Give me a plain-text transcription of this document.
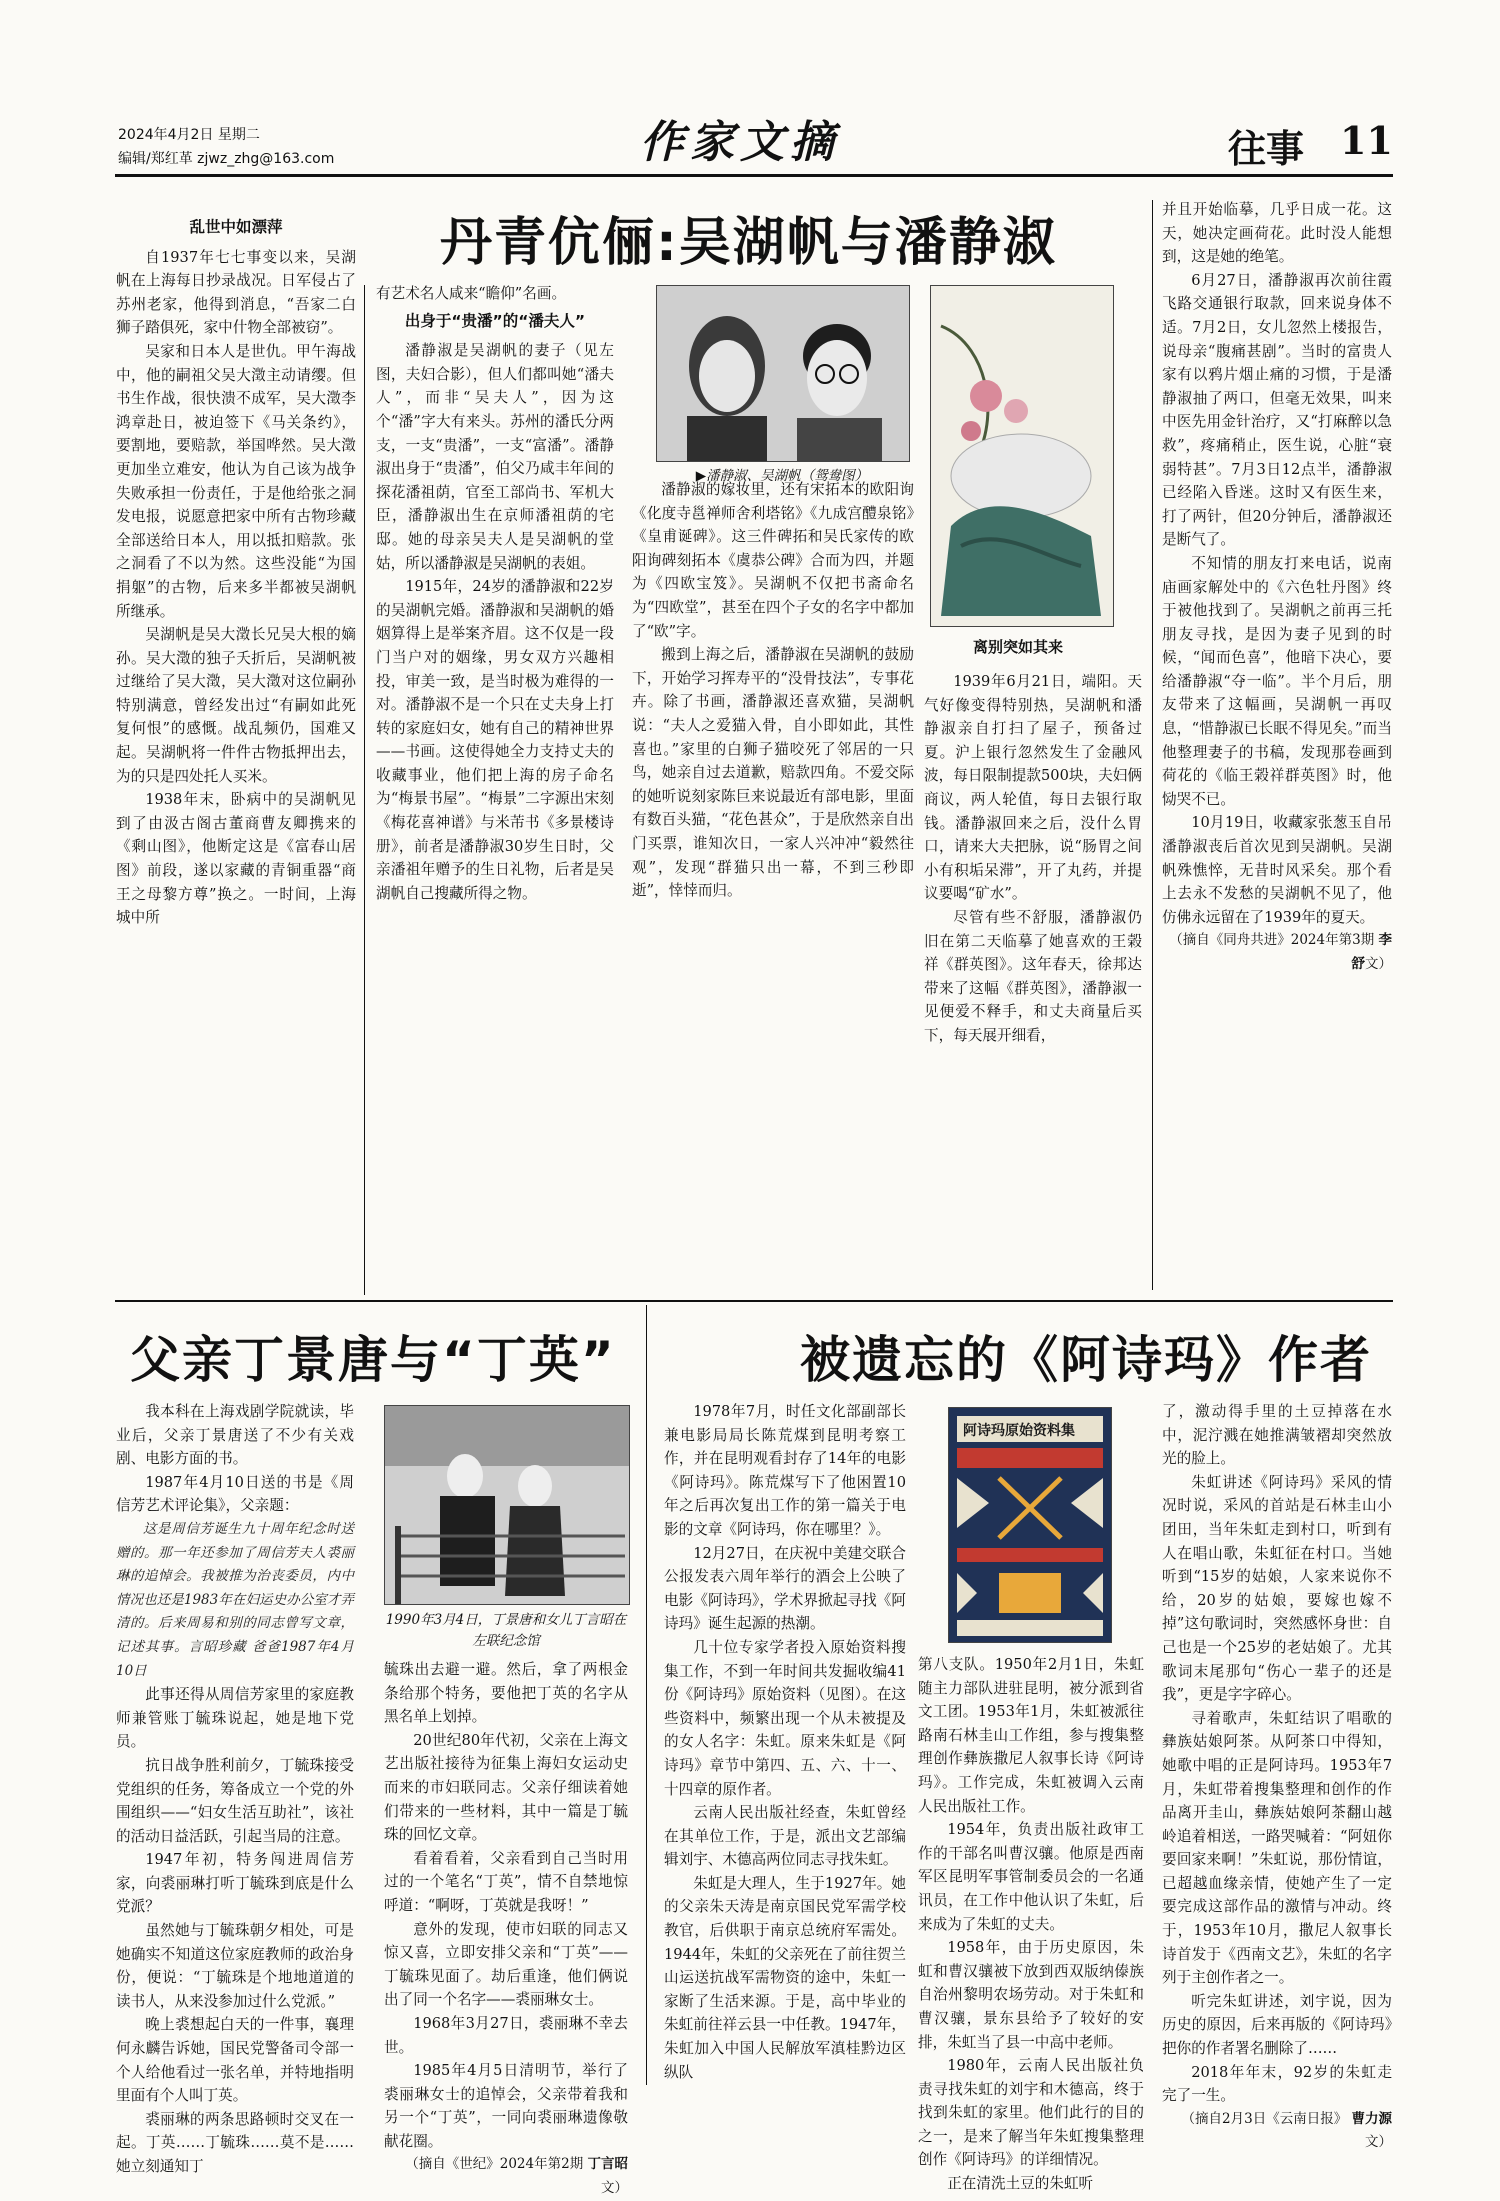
2024年4月2日 星期二
编辑/郑红革 zjwz_zhg@163.com	作家文摘	往事 11
丹青伉俪:吴湖帆与潘静淑
乱世中如漂萍

自1937年七七事变以来，吴湖帆在上海每日抄录战况。日军侵占了苏州老家，他得到消息，“吾家二白狮子踏俱死，家中什物全部被窃”。

吴家和日本人是世仇。甲午海战中，他的嗣祖父吴大澂主动请缨。但书生作战，很快溃不成军，吴大澂李鸿章赴日，被迫签下《马关条约》，要割地，要赔款，举国哗然。吴大澂更加坐立难安，他认为自己该为战争失败承担一份责任，于是他给张之洞发电报，说愿意把家中所有古物珍藏全部送给日本人，用以抵扣赔款。张之洞看了不以为然。这些没能“为国捐躯”的古物，后来多半都被吴湖帆所继承。

吴湖帆是吴大澂长兄吴大根的嫡孙。吴大澂的独子夭折后，吴湖帆被过继给了吴大澂，吴大澂对这位嗣孙特别满意，曾经发出过“有嗣如此死复何恨”的感慨。战乱频仍，国难又起。吴湖帆将一件件古物抵押出去，为的只是四处托人买米。

1938年末，卧病中的吴湖帆见到了由汲古阁古董商曹友卿携来的《剩山图》，他断定这是《富春山居图》前段，遂以家藏的青铜重器“商王之母黎方尊”换之。一时间，上海城中所

有艺术名人咸来“瞻仰”名画。

出身于“贵潘”的“潘夫人”

潘静淑是吴湖帆的妻子（见左图，夫妇合影），但人们都叫她“潘夫人”，而非“吴夫人”，因为这个“潘”字大有来头。苏州的潘氏分两支，一支“贵潘”，一支“富潘”。潘静淑出身于“贵潘”，伯父乃咸丰年间的探花潘祖荫，官至工部尚书、军机大臣，潘静淑出生在京师潘祖荫的宅邸。她的母亲吴夫人是吴湖帆的堂姑，所以潘静淑是吴湖帆的表姐。

1915年，24岁的潘静淑和22岁的吴湖帆完婚。潘静淑和吴湖帆的婚姻算得上是举案齐眉。这不仅是一段门当户对的姻缘，男女双方兴趣相投，审美一致，是当时极为难得的一对。潘静淑不是一个只在丈夫身上打转的家庭妇女，她有自己的精神世界——书画。这使得她全力支持丈夫的收藏事业，他们把上海的房子命名为“梅景书屋”。“梅景”二字源出宋刻《梅花喜神谱》与米芾书《多景楼诗册》，前者是潘静淑30岁生日时，父亲潘祖年赠予的生日礼物，后者是吴湖帆自己搜藏所得之物。

▶潘静淑、吴湖帆（鸳鸯图）

潘静淑的嫁妆里，还有宋拓本的欧阳询《化度寺邕禅师舍利塔铭》《九成宫醴泉铭》《皇甫诞碑》。这三件碑拓和吴氏家传的欧阳询碑刻拓本《虞恭公碑》合而为四，并题为《四欧宝笈》。吴湖帆不仅把书斋命名为“四欧堂”，甚至在四个子女的名字中都加了“欧”字。

搬到上海之后，潘静淑在吴湖帆的鼓励下，开始学习挥寿平的“没骨技法”，专事花卉。除了书画，潘静淑还喜欢猫，吴湖帆说：“夫人之爱猫入骨，自小即如此，其性喜也。”家里的白狮子猫咬死了邻居的一只鸟，她亲自过去道歉，赔款四角。不爱交际的她听说刻家陈巨来说最近有部电影，里面有数百头猫，“花色甚众”，于是欣然亲自出门买票，谁知次日，一家人兴冲冲“毅然往观”，发现“群猫只出一幕，不到三秒即逝”，悻悻而归。

离别突如其来

1939年6月21日，端阳。天气好像变得特别热，吴湖帆和潘静淑亲自打扫了屋子，预备过夏。沪上银行忽然发生了金融风波，每日限制提款500块，夫妇俩商议，两人轮值，每日去银行取钱。潘静淑回来之后，没什么胃口，请来大夫把脉，说“肠胃之间小有积垢呆滞”，开了丸药，并提议要喝“矿水”。

尽管有些不舒服，潘静淑仍旧在第二天临摹了她喜欢的王榖祥《群英图》。这年春天，徐邦达带来了这幅《群英图》，潘静淑一见便爱不释手，和丈夫商量后买下，每天展开细看，

并且开始临摹，几乎日成一花。这天，她决定画荷花。此时没人能想到，这是她的绝笔。

6月27日，潘静淑再次前往霞飞路交通银行取款，回来说身体不适。7月2日，女儿忽然上楼报告，说母亲“腹痛甚剧”。当时的富贵人家有以鸦片烟止痛的习惯，于是潘静淑抽了两口，但毫无效果，叫来中医先用金针治疗，又“打麻醉以急救”，疼痛稍止，医生说，心脏“衰弱特甚”。7月3日12点半，潘静淑已经陷入昏迷。这时又有医生来，打了两针，但20分钟后，潘静淑还是断气了。

不知情的朋友打来电话，说南庙画家解处中的《六色牡丹图》终于被他找到了。吴湖帆之前再三托朋友寻找，是因为妻子见到的时候，“闻而色喜”，他暗下决心，要给潘静淑“夺一临”。半个月后，朋友带来了这幅画，吴湖帆一再叹息，“惜静淑已长眠不得见矣。”而当他整理妻子的书稿，发现那卷画到荷花的《临王榖祥群英图》时，他恸哭不已。

10月19日，收藏家张葱玉自吊潘静淑丧后首次见到吴湖帆。吴湖帆殊憔悴，无昔时风采矣。那个看上去永不发愁的吴湖帆不见了，他仿佛永远留在了1939年的夏天。

（摘自《同舟共进》2024年第3期 李舒文）

父亲丁景唐与“丁英”

我本科在上海戏剧学院就读，毕业后，父亲丁景唐送了不少有关戏剧、电影方面的书。

1987年4月10日送的书是《周信芳艺术评论集》，父亲题：

这是周信芳诞生九十周年纪念时送赠的。那一年还参加了周信芳夫人裘丽琳的追悼会。我被推为治丧委员，内中情况也还是1983年在妇运史办公室才弄清的。后来周易和别的同志曾写文章，记述其事。言昭珍藏 爸爸1987年4月10日

此事还得从周信芳家里的家庭教师兼管账丁毓珠说起，她是地下党员。

抗日战争胜利前夕，丁毓珠接受党组织的任务，筹备成立一个党的外围组织——“妇女生活互助社”，该社的活动日益活跃，引起当局的注意。

1947年初，特务闯进周信芳家，向裘丽琳打听丁毓珠到底是什么党派？

虽然她与丁毓珠朝夕相处，可是她确实不知道这位家庭教师的政治身份，便说：“丁毓珠是个地地道道的读书人，从来没参加过什么党派。”

晚上裘想起白天的一件事，襄理何永麟告诉她，国民党警备司令部一个人给他看过一张名单，并特地指明里面有个人叫丁英。

裘丽琳的两条思路顿时交叉在一起。丁英……丁毓珠……莫不是……她立刻通知丁

1990年3月4日，丁景唐和女儿丁言昭在左联纪念馆

毓珠出去避一避。然后，拿了两根金条给那个特务，要他把丁英的名字从黑名单上划掉。

20世纪80年代初，父亲在上海文艺出版社接待为征集上海妇女运动史而来的市妇联同志。父亲仔细读着她们带来的一些材料，其中一篇是丁毓珠的回忆文章。

看着看着，父亲看到自己当时用过的一个笔名“丁英”，情不自禁地惊呼道：“啊呀，丁英就是我呀！”

意外的发现，使市妇联的同志又惊又喜，立即安排父亲和“丁英”——丁毓珠见面了。劫后重逢，他们俩说出了同一个名字——裘丽琳女士。

1968年3月27日，裘丽琳不幸去世。

1985年4月5日清明节，举行了裘丽琳女士的追悼会，父亲带着我和另一个“丁英”，一同向裘丽琳遗像敬献花圈。

（摘自《世纪》2024年第2期 丁言昭文）

被遗忘的《阿诗玛》作者

1978年7月，时任文化部副部长兼电影局局长陈荒煤到昆明考察工作，并在昆明观看封存了14年的电影《阿诗玛》。陈荒煤写下了他困置10年之后再次复出工作的第一篇关于电影的文章《阿诗玛，你在哪里？》。

12月27日，在庆祝中美建交联合公报发表六周年举行的酒会上公映了电影《阿诗玛》，学术界掀起寻找《阿诗玛》诞生起源的热潮。

几十位专家学者投入原始资料搜集工作，不到一年时间共发掘收编41份《阿诗玛》原始资料（见图）。在这些资料中，频繁出现一个从未被提及的女人名字：朱虹。原来朱虹是《阿诗玛》章节中第四、五、六、十一、十四章的原作者。

云南人民出版社经查，朱虹曾经在其单位工作，于是，派出文艺部编辑刘宇、木德高两位同志寻找朱虹。

朱虹是大理人，生于1927年。她的父亲朱天涛是南京国民党军需学校教官，后供职于南京总统府军需处。1944年，朱虹的父亲死在了前往贺兰山运送抗战军需物资的途中，朱虹一家断了生活来源。于是，高中毕业的朱虹前往祥云县一中任教。1947年，朱虹加入中国人民解放军滇桂黔边区纵队

阿诗玛原始资料集

第八支队。1950年2月1日，朱虹随主力部队进驻昆明，被分派到省文工团。1953年1月，朱虹被派往路南石林圭山工作组，参与搜集整理创作彝族撒尼人叙事长诗《阿诗玛》。工作完成，朱虹被调入云南人民出版社工作。

1954年，负责出版社政审工作的干部名叫曹汉骧。他原是西南军区昆明军事管制委员会的一名通讯员，在工作中他认识了朱虹，后来成为了朱虹的丈夫。

1958年，由于历史原因，朱虹和曹汉骧被下放到西双版纳傣族自治州黎明农场劳动。对于朱虹和曹汉骧，景东县给予了较好的安排，朱虹当了县一中高中老师。

1980年，云南人民出版社负责寻找朱虹的刘宇和木德高，终于找到朱虹的家里。他们此行的目的之一，是来了解当年朱虹搜集整理创作《阿诗玛》的详细情况。

正在清洗土豆的朱虹听

了，激动得手里的土豆掉落在水中，泥泞溅在她推满皱褶却突然放光的脸上。

朱虹讲述《阿诗玛》采风的情况时说，采风的首站是石林圭山小团田，当年朱虹走到村口，听到有人在唱山歌，朱虹征在村口。当她听到“15岁的姑娘，人家来说你不给，20岁的姑娘，要嫁也嫁不掉”这句歌词时，突然感怀身世：自己也是一个25岁的老姑娘了。尤其歌词末尾那句“伤心一辈子的还是我”，更是字字碎心。

寻着歌声，朱虹结识了唱歌的彝族姑娘阿茶。从阿茶口中得知，她歌中唱的正是阿诗玛。1953年7月，朱虹带着搜集整理和创作的作品离开圭山，彝族姑娘阿茶翻山越岭追着相送，一路哭喊着：“阿妞你要回家来啊！”朱虹说，那份情谊，已超越血缘亲情，使她产生了一定要完成这部作品的激情与冲动。终于，1953年10月，撒尼人叙事长诗首发于《西南文艺》，朱虹的名字列于主创作者之一。

听完朱虹讲述，刘宇说，因为历史的原因，后来再版的《阿诗玛》把你的作者署名删除了……

2018年年末，92岁的朱虹走完了一生。

（摘自2月3日《云南日报》 曹力源文）
